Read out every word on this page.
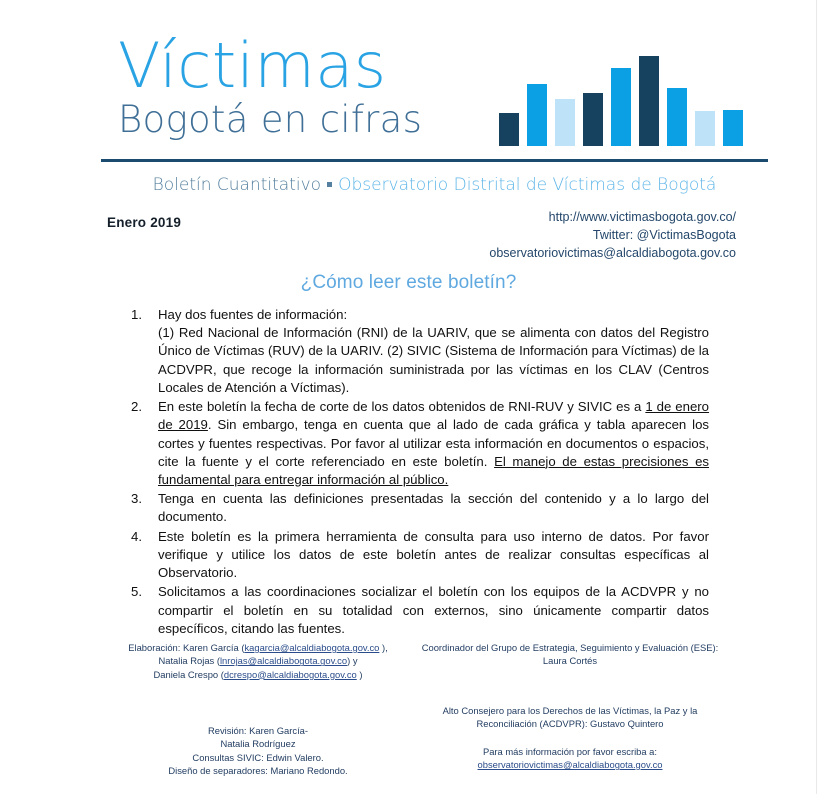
Víctimas
Bogotá en cifras
Boletín Cuantitativo Observatorio Distrital de Víctimas de Bogotá
Enero 2019	http://www.victimasbogota.gov.co/
Twitter: @VictimasBogota
observatoriovictimas@alcaldiabogota.gov.co
¿Cómo leer este boletín?
1.	Hay dos fuentes de información:
(1) Red Nacional de Información (RNI) de la UARIV, que se alimenta con datos del Registro Único de Víctimas (RUV) de la UARIV. (2) SIVIC (Sistema de Información para Víctimas) de la ACDVPR, que recoge la información suministrada por las víctimas en los CLAV (Centros Locales de Atención a Víctimas).
2.	En este boletín la fecha de corte de los datos obtenidos de RNI-RUV y SIVIC es a 1 de enero de 2019. Sin embargo, tenga en cuenta que al lado de cada gráfica y tabla aparecen los cortes y fuentes respectivas. Por favor al utilizar esta información en documentos o espacios, cite la fuente y el corte referenciado en este boletín. El manejo de estas precisiones es fundamental para entregar información al público.
3.	Tenga en cuenta las definiciones presentadas la sección del contenido y a lo largo del documento.
4.	Este boletín es la primera herramienta de consulta para uso interno de datos. Por favor verifique y utilice los datos de este boletín antes de realizar consultas específicas al Observatorio.
5.	Solicitamos a las coordinaciones socializar el boletín con los equipos de la ACDVPR y no compartir el boletín en su totalidad con externos, sino únicamente compartir datos específicos, citando las fuentes.
Elaboración: Karen García (kagarcia@alcaldiabogota.gov.co ),
Natalia Rojas (lnrojas@alcaldiabogota.gov.co) y
Daniela Crespo (dcrespo@alcaldiabogota.gov.co )
Revisión: Karen García-
Natalia Rodríguez
Consultas SIVIC: Edwin Valero.
Diseño de separadores: Mariano Redondo.
Coordinador del Grupo de Estrategia, Seguimiento y Evaluación (ESE):
Laura Cortés
Alto Consejero para los Derechos de las Víctimas, la Paz y la
Reconciliación (ACDVPR): Gustavo Quintero
Para más información por favor escriba a:
observatoriovictimas@alcaldiabogota.gov.co
